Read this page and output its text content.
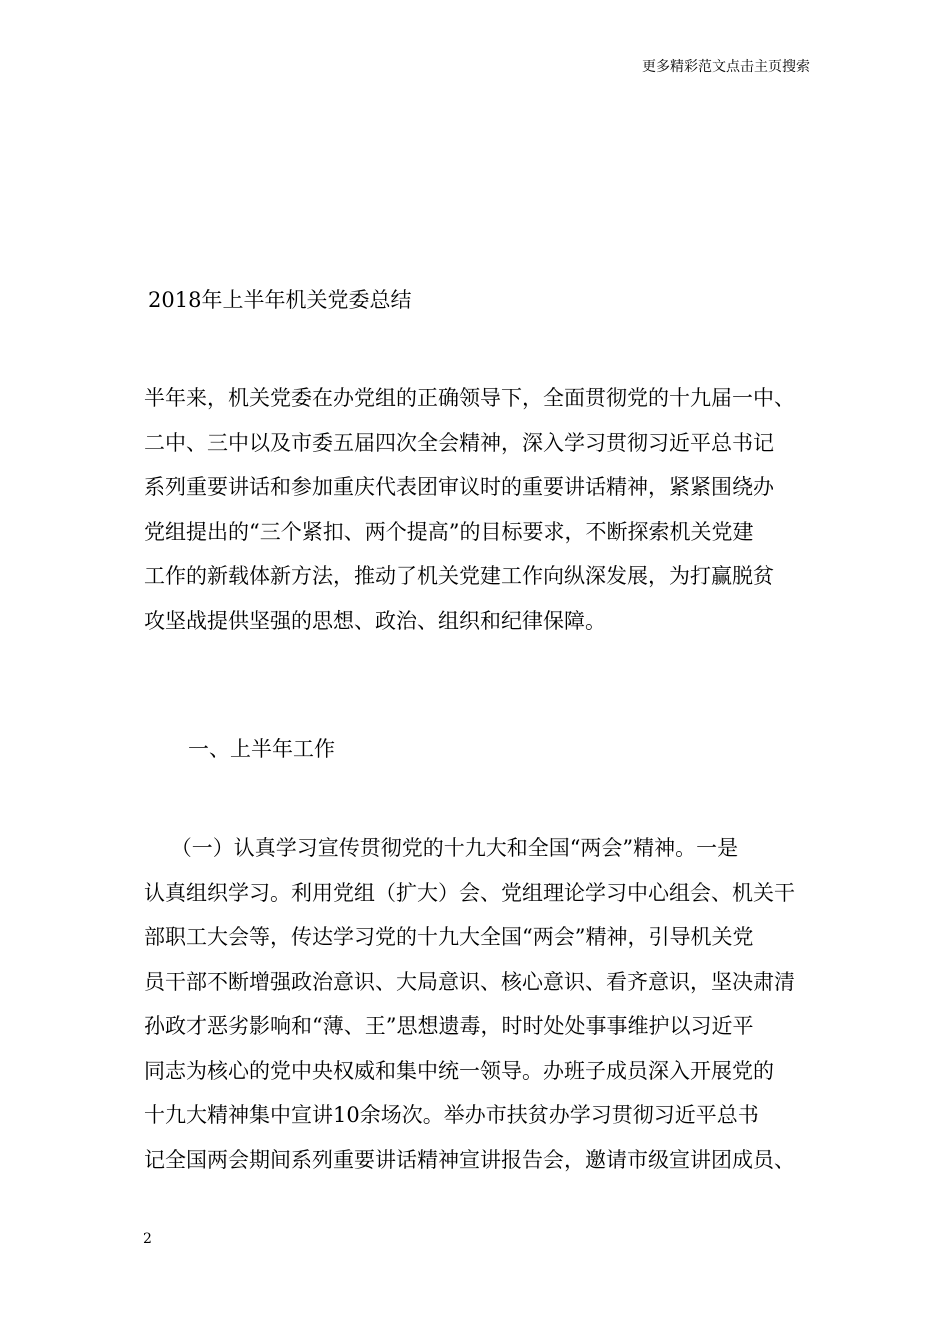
更多精彩范文点击主页搜索
2018年上半年机关党委总结
半年来，机关党委在办党组的正确领导下，全面贯彻党的十九届一中、
二中、三中以及市委五届四次全会精神，深入学习贯彻习近平总书记
系列重要讲话和参加重庆代表团审议时的重要讲话精神，紧紧围绕办
党组提出的“三个紧扣、两个提高”的目标要求，不断探索机关党建
工作的新载体新方法，推动了机关党建工作向纵深发展，为打赢脱贫
攻坚战提供坚强的思想、政治、组织和纪律保障。
一、上半年工作
（一）认真学习宣传贯彻党的十九大和全国“两会”精神。一是
认真组织学习。利用党组（扩大）会、党组理论学习中心组会、机关干
部职工大会等，传达学习党的十九大全国“两会”精神，引导机关党
员干部不断增强政治意识、大局意识、核心意识、看齐意识，坚决肃清
孙政才恶劣影响和“薄、王”思想遗毒，时时处处事事维护以习近平
同志为核心的党中央权威和集中统一领导。办班子成员深入开展党的
十九大精神集中宣讲10余场次。举办市扶贫办学习贯彻习近平总书
记全国两会期间系列重要讲话精神宣讲报告会，邀请市级宣讲团成员、
2
